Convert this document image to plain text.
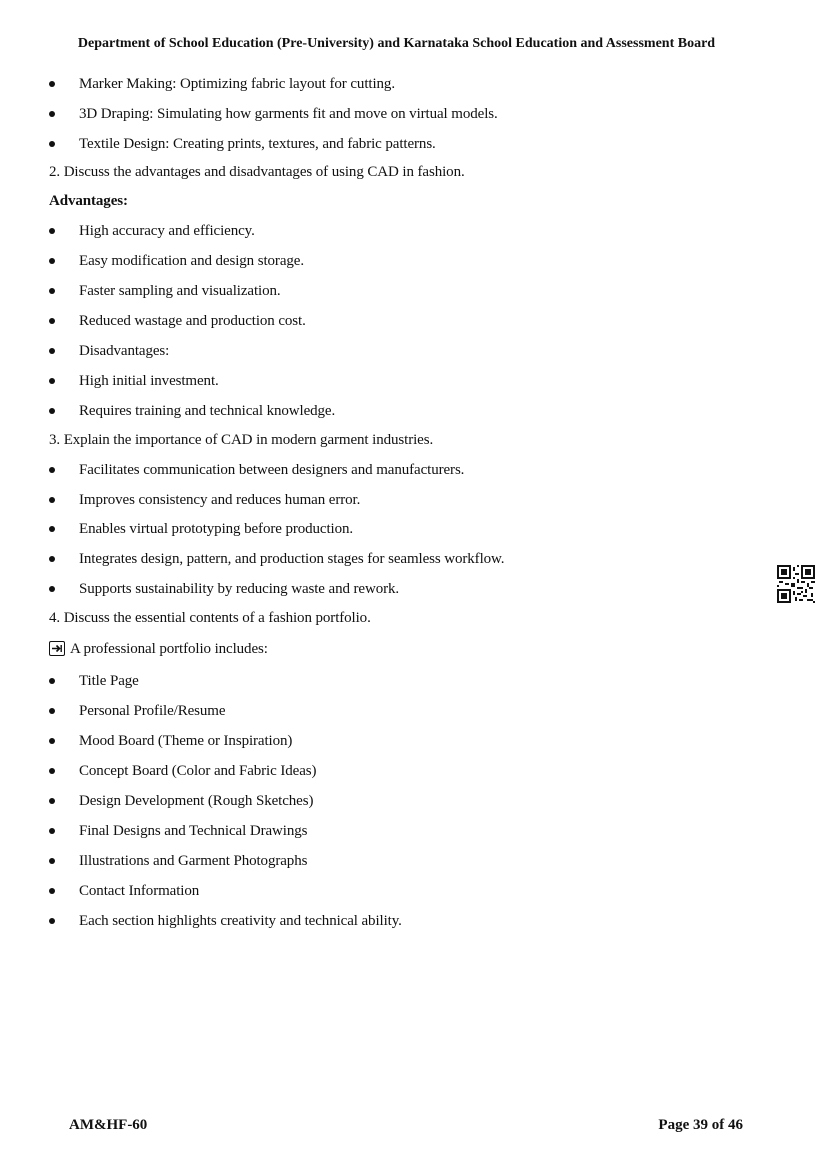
Department of School Education (Pre-University) and Karnataka School Education and Assessment Board
Marker Making: Optimizing fabric layout for cutting.
3D Draping: Simulating how garments fit and move on virtual models.
Textile Design: Creating prints, textures, and fabric patterns.
2. Discuss the advantages and disadvantages of using CAD in fashion.
Advantages:
High accuracy and efficiency.
Easy modification and design storage.
Faster sampling and visualization.
Reduced wastage and production cost.
Disadvantages:
High initial investment.
Requires training and technical knowledge.
3. Explain the importance of CAD in modern garment industries.
Facilitates communication between designers and manufacturers.
Improves consistency and reduces human error.
Enables virtual prototyping before production.
Integrates design, pattern, and production stages for seamless workflow.
Supports sustainability by reducing waste and rework.
4. Discuss the essential contents of a fashion portfolio.
A professional portfolio includes:
Title Page
Personal Profile/Resume
Mood Board (Theme or Inspiration)
Concept Board (Color and Fabric Ideas)
Design Development (Rough Sketches)
Final Designs and Technical Drawings
Illustrations and Garment Photographs
Contact Information
Each section highlights creativity and technical ability.
AM&HF-60	Page 39 of 46
